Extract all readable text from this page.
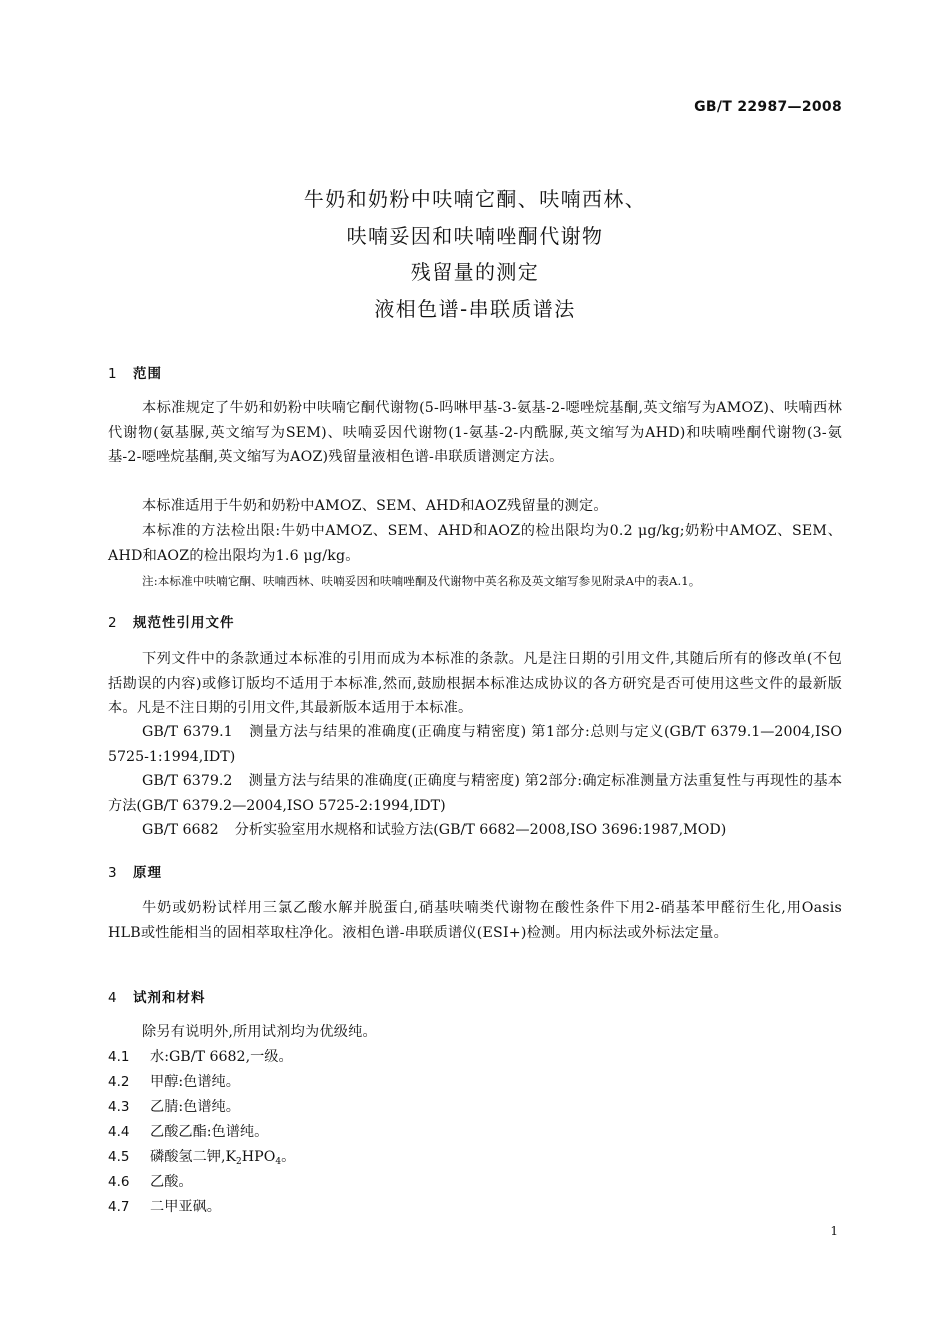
GB/T 22987—2008
牛奶和奶粉中呋喃它酮、呋喃西林、
呋喃妥因和呋喃唑酮代谢物
残留量的测定
液相色谱-串联质谱法
1 范围
本标准规定了牛奶和奶粉中呋喃它酮代谢物(5-吗啉甲基-3-氨基-2-噁唑烷基酮,英文缩写为AMOZ)、呋喃西林代谢物(氨基脲,英文缩写为SEM)、呋喃妥因代谢物(1-氨基-2-内酰脲,英文缩写为AHD)和呋喃唑酮代谢物(3-氨基-2-噁唑烷基酮,英文缩写为AOZ)残留量液相色谱-串联质谱测定方法。
本标准适用于牛奶和奶粉中AMOZ、SEM、AHD和AOZ残留量的测定。
本标准的方法检出限:牛奶中AMOZ、SEM、AHD和AOZ的检出限均为0.2 μg/kg;奶粉中AMOZ、SEM、AHD和AOZ的检出限均为1.6 μg/kg。
注:本标准中呋喃它酮、呋喃西林、呋喃妥因和呋喃唑酮及代谢物中英名称及英文缩写参见附录A中的表A.1。
2 规范性引用文件
下列文件中的条款通过本标准的引用而成为本标准的条款。凡是注日期的引用文件,其随后所有的修改单(不包括勘误的内容)或修订版均不适用于本标准,然而,鼓励根据本标准达成协议的各方研究是否可使用这些文件的最新版本。凡是不注日期的引用文件,其最新版本适用于本标准。
GB/T 6379.1 测量方法与结果的准确度(正确度与精密度) 第1部分:总则与定义(GB/T 6379.1—2004,ISO 5725-1:1994,IDT)
GB/T 6379.2 测量方法与结果的准确度(正确度与精密度) 第2部分:确定标准测量方法重复性与再现性的基本方法(GB/T 6379.2—2004,ISO 5725-2:1994,IDT)
GB/T 6682 分析实验室用水规格和试验方法(GB/T 6682—2008,ISO 3696:1987,MOD)
3 原理
牛奶或奶粉试样用三氯乙酸水解并脱蛋白,硝基呋喃类代谢物在酸性条件下用2-硝基苯甲醛衍生化,用Oasis HLB或性能相当的固相萃取柱净化。液相色谱-串联质谱仪(ESI+)检测。用内标法或外标法定量。
4 试剂和材料
除另有说明外,所用试剂均为优级纯。
4.1 水:GB/T 6682,一级。
4.2 甲醇:色谱纯。
4.3 乙腈:色谱纯。
4.4 乙酸乙酯:色谱纯。
4.5 磷酸氢二钾$,K_2HPO_4$。
4.6 乙酸。
4.7 二甲亚砜。
1
